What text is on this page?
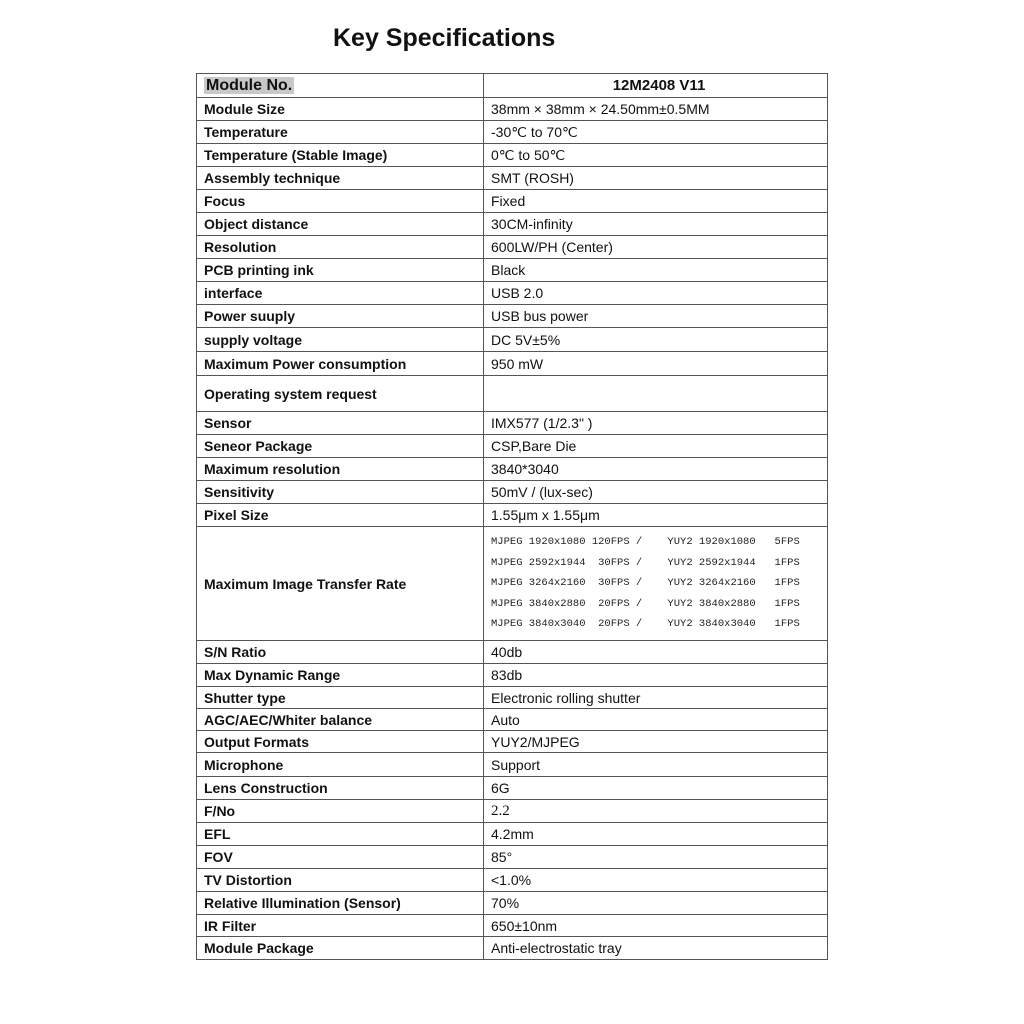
Key Specifications
Module No.	12M2408 V11
Module Size	38mm × 38mm × 24.50mm±0.5MM
Temperature	-30℃ to 70℃
Temperature (Stable Image)	0℃ to 50℃
Assembly technique	SMT (ROSH)
Focus	Fixed
Object distance	30CM-infinity
Resolution	600LW/PH (Center)
PCB printing ink	Black
interface	USB 2.0
Power suuply	USB bus power
supply voltage	DC 5V±5%
Maximum Power consumption	950 mW
Operating system request	
Sensor	IMX577 (1/2.3" )
Seneor Package	CSP,Bare Die
Maximum resolution	3840*3040
Sensitivity	50mV / (lux-sec)
Pixel Size	1.55μm x 1.55μm
Maximum Image Transfer Rate	MJPEG 1920x1080 120FPS /    YUY2 1920x1080   5FPS
MJPEG 2592x1944  30FPS /    YUY2 2592x1944   1FPS
MJPEG 3264x2160  30FPS /    YUY2 3264x2160   1FPS
MJPEG 3840x2880  20FPS /    YUY2 3840x2880   1FPS
MJPEG 3840x3040  20FPS /    YUY2 3840x3040   1FPS

S/N Ratio	40db
Max Dynamic Range	83db
Shutter type	Electronic rolling shutter
AGC/AEC/Whiter balance	Auto
Output Formats	YUY2/MJPEG
Microphone	Support
Lens Construction	6G
F/No	2.2
EFL	4.2mm
FOV	85°
TV Distortion	<1.0%
Relative Illumination (Sensor)	70%
IR Filter	650±10nm
Module Package	Anti-electrostatic tray
